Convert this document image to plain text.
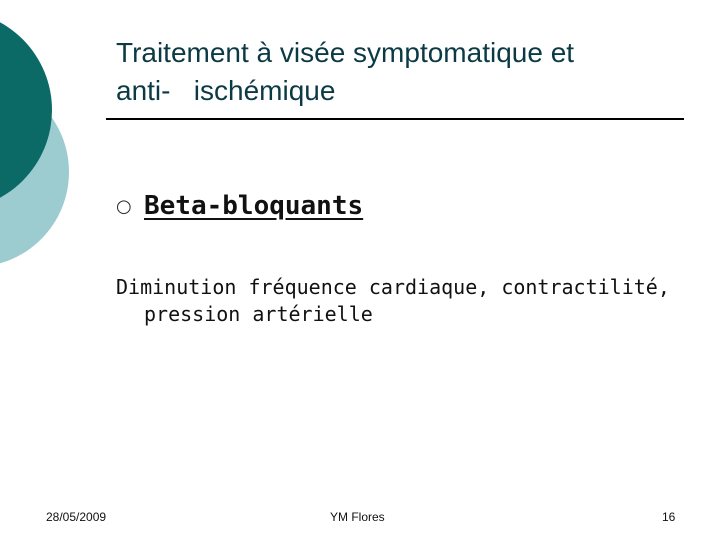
Traitement à visée symptomatique et
anti-   ischémique
○ Beta-bloquants
Diminution fréquence cardiaque, contractilité, pression artérielle
28/05/2009	YM Flores	16
